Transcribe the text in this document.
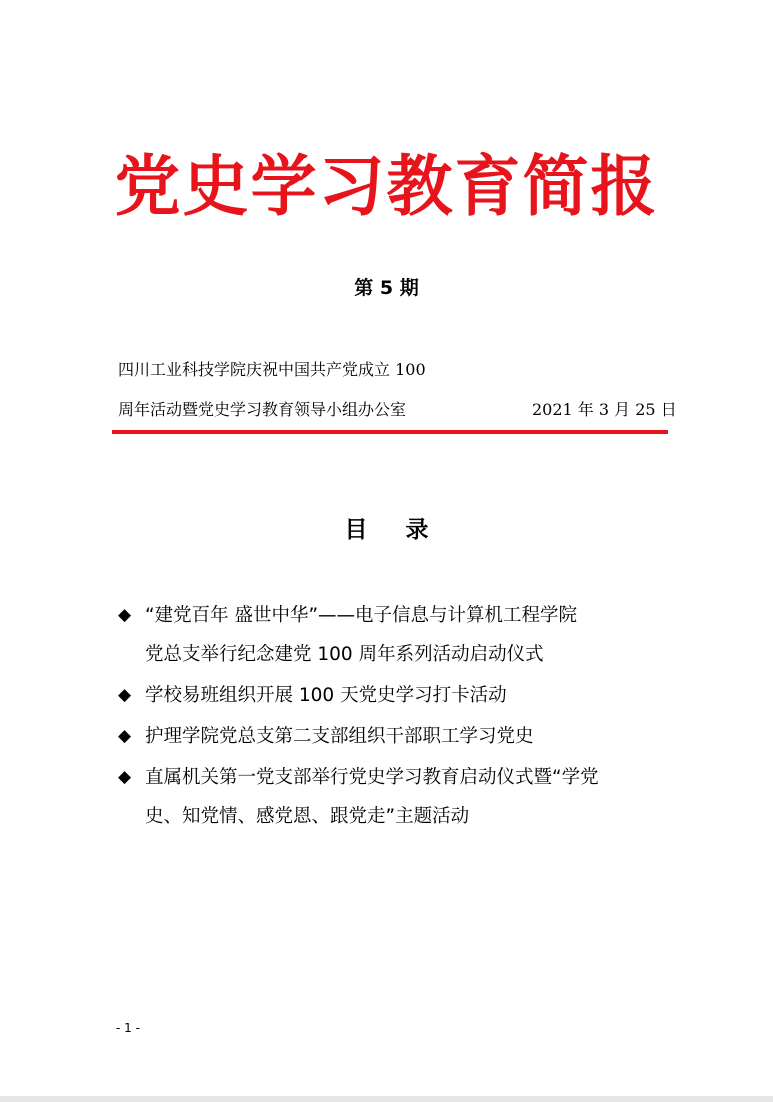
党史学习教育简报
第 5 期
四川工业科技学院庆祝中国共产党成立 100
周年活动暨党史学习教育领导小组办公室	2021 年 3 月 25 日
目 录
◆ “建党百年 盛世中华”——电子信息与计算机工程学院
党总支举行纪念建党 100 周年系列活动启动仪式
◆ 学校易班组织开展 100 天党史学习打卡活动
◆ 护理学院党总支第二支部组织干部职工学习党史
◆ 直属机关第一党支部举行党史学习教育启动仪式暨“学党
史、知党情、感党恩、跟党走”主题活动
- 1 -
